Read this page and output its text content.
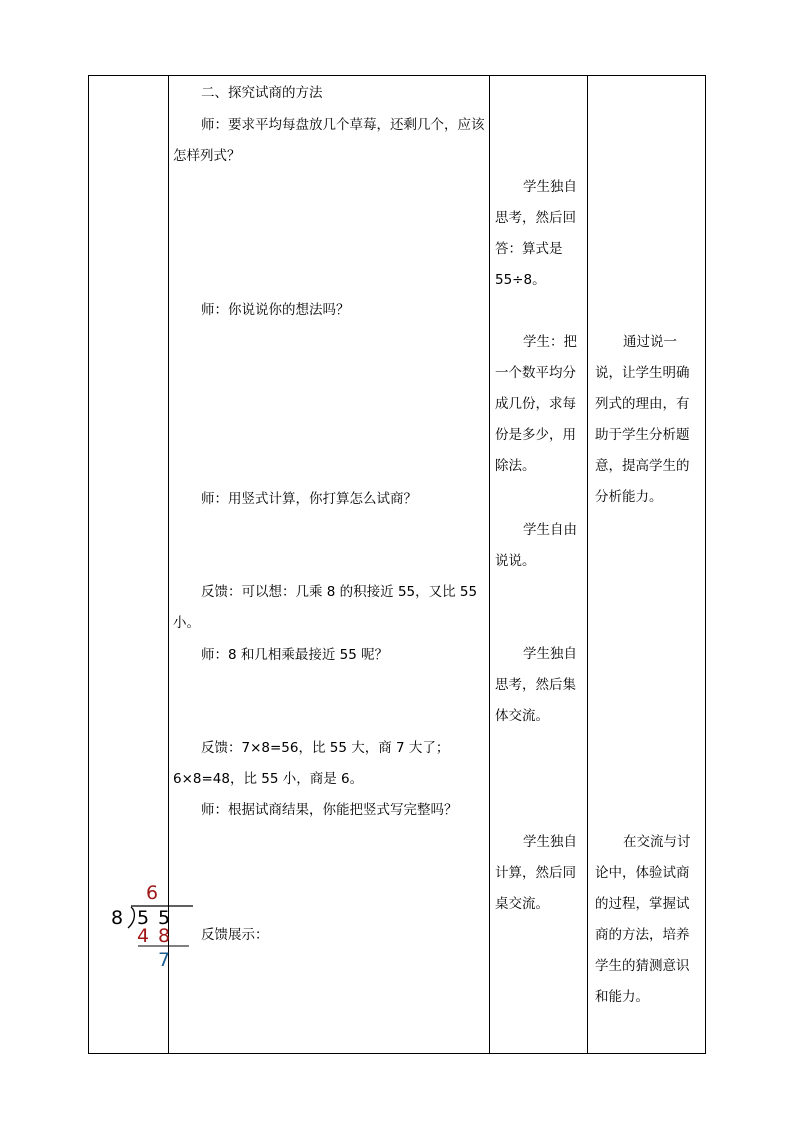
二、探究试商的方法
师：要求平均每盘放几个草莓，还剩几个，应该怎样列式？
师：你说说你的想法吗？
师：用竖式计算，你打算怎么试商？
反馈：可以想：几乘 8 的积接近 55，又比 55 小。
师：8 和几相乘最接近 55 呢？
反馈：7×8=56，比 55 大，商 7 大了；6×8=48，比 55 小，商是 6。
师：根据试商结果，你能把竖式写完整吗？
反馈展示：
学生独自思考，然后回答：算式是 55÷8。
学生：把一个数平均分成几份，求每份是多少，用除法。
学生自由说说。
学生独自思考，然后集体交流。
学生独自计算，然后同桌交流。
通过说一说，让学生明确列式的理由，有助于学生分析题意，提高学生的分析能力。
在交流与讨论中，体验试商的过程，掌握试商的方法，培养学生的猜测意识和能力。
6
8 5 5
4 8
7
